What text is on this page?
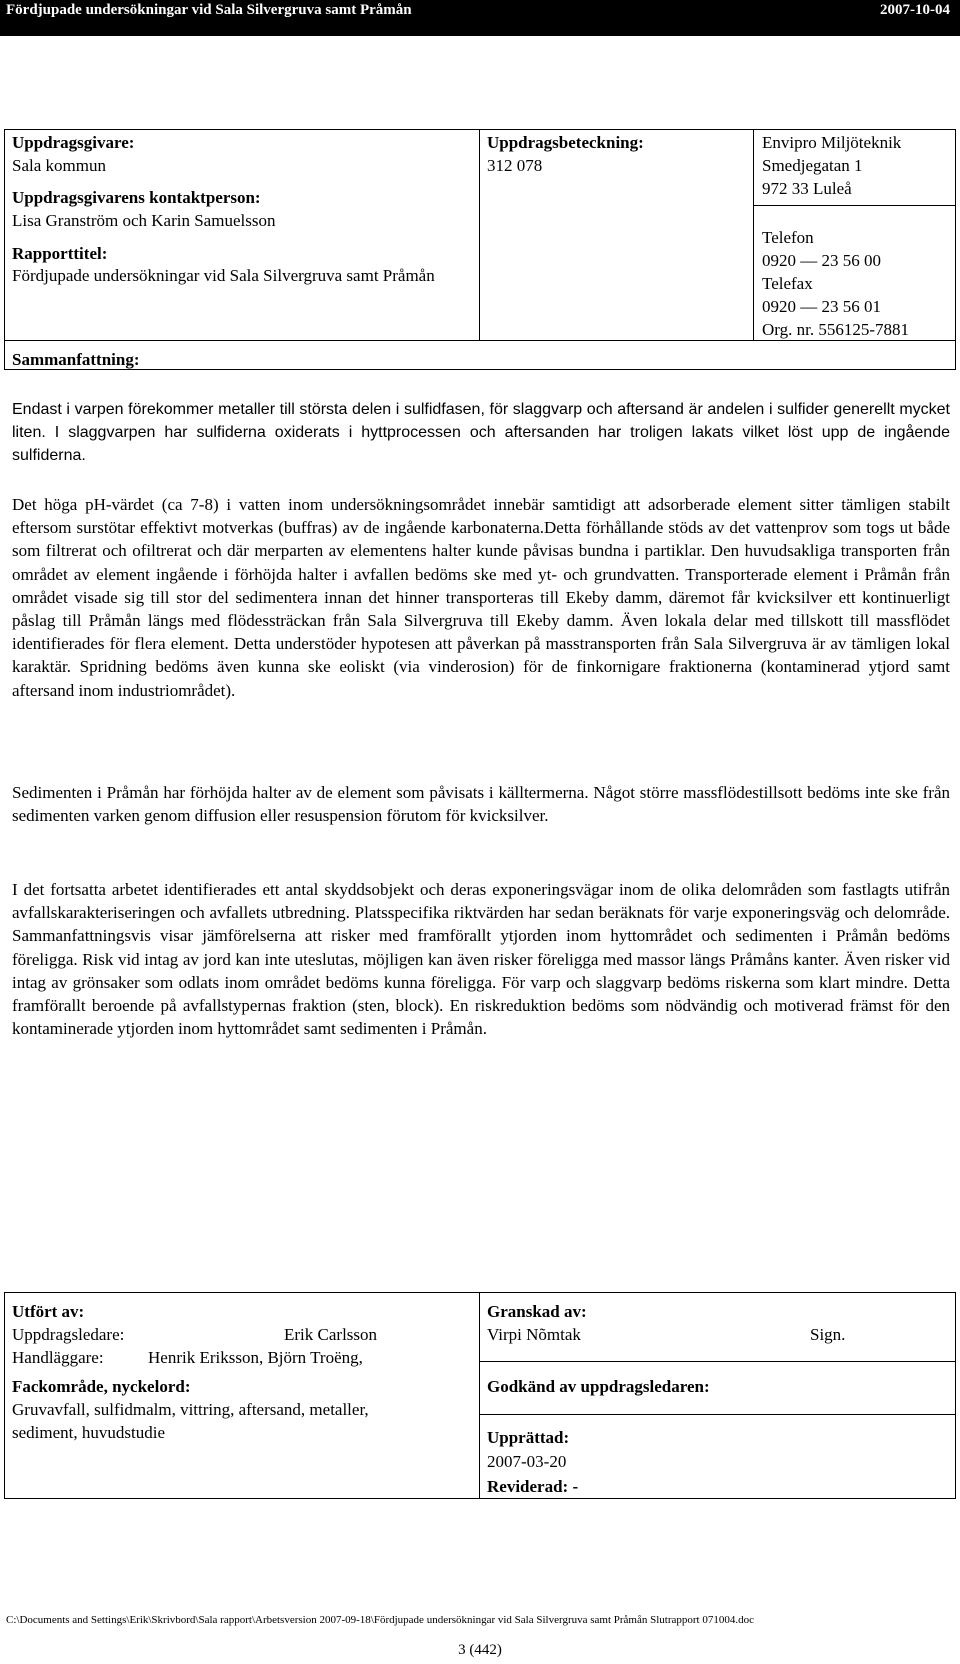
Fördjupade undersökningar vid Sala Silvergruva samt Pråmån	2007-10-04
Uppdragsgivare:
Sala kommun
Uppdragsgivarens kontaktperson:
Lisa Granström och Karin Samuelsson
Rapporttitel:
Fördjupade undersökningar vid Sala Silvergruva samt Pråmån
Sammanfattning:
Uppdragsbeteckning:
312 078
Envipro Miljöteknik
Smedjegatan 1
972 33 Luleå
Telefon
0920 — 23 56 00
Telefax
0920 — 23 56 01
Org. nr. 556125-7881

Endast i varpen förekommer metaller till största delen i sulfidfasen, för slaggvarp och aftersand är andelen i sulfider generellt mycket liten. I slaggvarpen har sulfiderna oxiderats i hyttprocessen och aftersanden har troligen lakats vilket löst upp de ingående sulfiderna.

Det höga pH-värdet (ca 7-8) i vatten inom undersökningsområdet innebär samtidigt att adsorberade element sitter tämligen stabilt eftersom surstötar effektivt motverkas (buffras) av de ingående karbonaterna.Detta förhållande stöds av det vattenprov som togs ut både som filtrerat och ofiltrerat och där merparten av elementens halter kunde påvisas bundna i partiklar. Den huvudsakliga transporten från området av element ingående i förhöjda halter i avfallen bedöms ske med yt- och grundvatten. Transporterade element i Pråmån från området visade sig till stor del sedimentera innan det hinner transporteras till Ekeby damm, däremot får kvicksilver ett kontinuerligt påslag till Pråmån längs med flödessträckan från Sala Silvergruva till Ekeby damm. Även lokala delar med tillskott till massflödet identifierades för flera element. Detta understöder hypotesen att påverkan på masstransporten från Sala Silvergruva är av tämligen lokal karaktär. Spridning bedöms även kunna ske eoliskt (via vinderosion) för de finkornigare fraktionerna (kontaminerad ytjord samt aftersand inom industriområdet).

Sedimenten i Pråmån har förhöjda halter av de element som påvisats i källtermerna. Något större massflödestillsott bedöms inte ske från sedimenten varken genom diffusion eller resuspension förutom för kvicksilver.

I det fortsatta arbetet identifierades ett antal skyddsobjekt och deras exponeringsvägar inom de olika delområden som fastlagts utifrån avfallskarakteriseringen och avfallets utbredning. Platsspecifika riktvärden har sedan beräknats för varje exponeringsväg och delområde. Sammanfattningsvis visar jämförelserna att risker med framförallt ytjorden inom hyttområdet och sedimenten i Pråmån bedöms föreligga. Risk vid intag av jord kan inte uteslutas, möjligen kan även risker föreligga med massor längs Pråmåns kanter. Även risker vid intag av grönsaker som odlats inom området bedöms kunna föreligga. För varp och slaggvarp bedöms riskerna som klart mindre. Detta framförallt beroende på avfallstypernas fraktion (sten, block). En riskreduktion bedöms som nödvändig och motiverad främst för den kontaminerade ytjorden inom hyttområdet samt sedimenten i Pråmån.

Utfört av:
Uppdragsledare:	Erik Carlsson
Handläggare:	Henrik Eriksson, Björn Troëng,
Fackområde, nyckelord:
Gruvavfall, sulfidmalm, vittring, aftersand, metaller,
sediment, huvudstudie
Granskad av:
Virpi Nõmtak	Sign.
Godkänd av uppdragsledaren:
Upprättad:
2007-03-20
Reviderad: -
C:\Documents and Settings\Erik\Skrivbord\Sala rapport\Arbetsversion 2007-09-18\Fördjupade undersökningar vid Sala Silvergruva samt Pråmån Slutrapport 071004.doc
3 (442)
